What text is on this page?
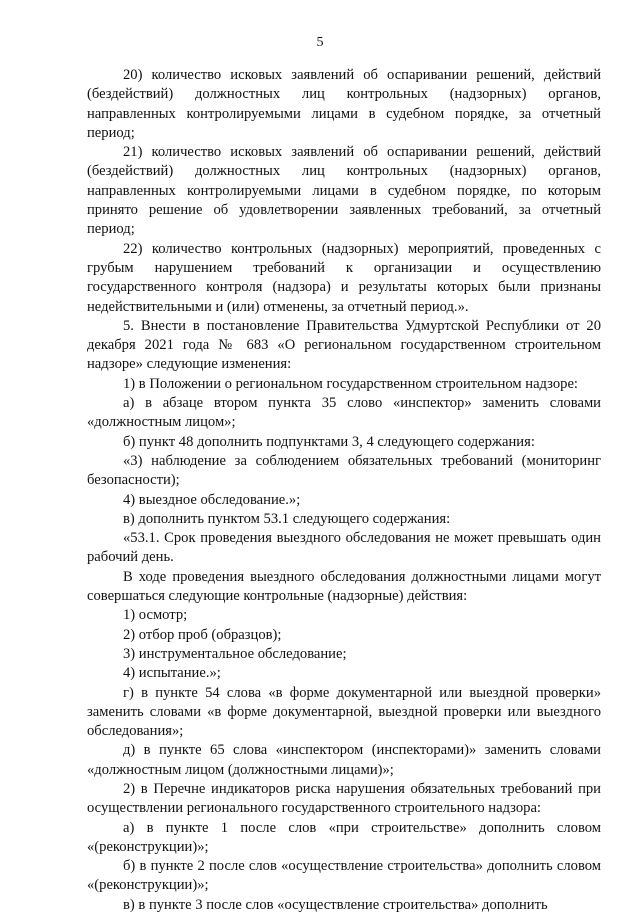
5

20) количество исковых заявлений об оспаривании решений, действий (бездействий) должностных лиц контрольных (надзорных) органов, направленных контролируемыми лицами в судебном порядке, за отчетный период;

21) количество исковых заявлений об оспаривании решений, действий (бездействий) должностных лиц контрольных (надзорных) органов, направленных контролируемыми лицами в судебном порядке, по которым принято решение об удовлетворении заявленных требований, за отчетный период;

22) количество контрольных (надзорных) мероприятий, проведенных с грубым нарушением требований к организации и осуществлению государственного контроля (надзора) и результаты которых были признаны недействительными и (или) отменены, за отчетный период.».

5. Внести в постановление Правительства Удмуртской Республики от 20 декабря 2021 года № 683 «О региональном государственном строительном надзоре» следующие изменения:

1) в Положении о региональном государственном строительном надзоре:

а) в абзаце втором пункта 35 слово «инспектор» заменить словами «должностным лицом»;

б) пункт 48 дополнить подпунктами 3, 4 следующего содержания:

«3) наблюдение за соблюдением обязательных требований (мониторинг безопасности);

4) выездное обследование.»;

в) дополнить пунктом 53.1 следующего содержания:

«53.1. Срок проведения выездного обследования не может превышать один рабочий день.

В ходе проведения выездного обследования должностными лицами могут совершаться следующие контрольные (надзорные) действия:

1) осмотр;

2) отбор проб (образцов);

3) инструментальное обследование;

4) испытание.»;

г) в пункте 54 слова «в форме документарной или выездной проверки» заменить словами «в форме документарной, выездной проверки или выездного обследования»;

д) в пункте 65 слова «инспектором (инспекторами)» заменить словами «должностным лицом (должностными лицами)»;

2) в Перечне индикаторов риска нарушения обязательных требований при осуществлении регионального государственного строительного надзора:

а) в пункте 1 после слов «при строительстве» дополнить словом «(реконструкции)»;

б) в пункте 2 после слов «осуществление строительства» дополнить словом «(реконструкции)»;

в) в пункте 3 после слов «осуществление строительства» дополнить
